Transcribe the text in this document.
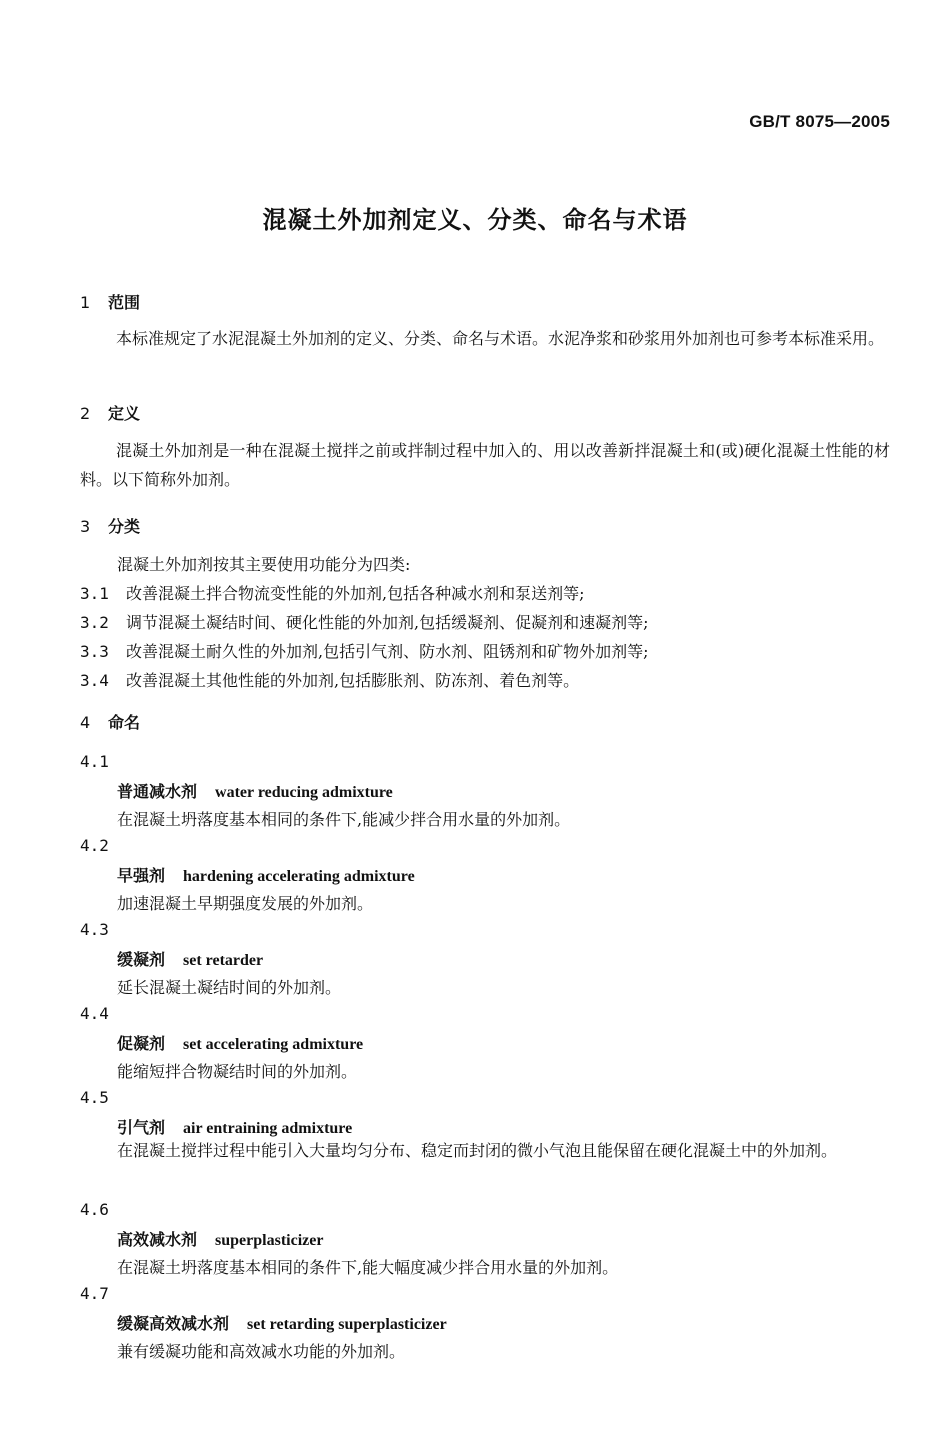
GB/T 8075—2005
混凝土外加剂定义、分类、命名与术语
1 范围
本标准规定了水泥混凝土外加剂的定义、分类、命名与术语。水泥净浆和砂浆用外加剂也可参考本标准采用。
2 定义
混凝土外加剂是一种在混凝土搅拌之前或拌制过程中加入的、用以改善新拌混凝土和(或)硬化混凝土性能的材料。以下简称外加剂。
3 分类
混凝土外加剂按其主要使用功能分为四类:
3.1 改善混凝土拌合物流变性能的外加剂,包括各种减水剂和泵送剂等;
3.2 调节混凝土凝结时间、硬化性能的外加剂,包括缓凝剂、促凝剂和速凝剂等;
3.3 改善混凝土耐久性的外加剂,包括引气剂、防水剂、阻锈剂和矿物外加剂等;
3.4 改善混凝土其他性能的外加剂,包括膨胀剂、防冻剂、着色剂等。
4 命名
4.1
普通减水剂 water reducing admixture
在混凝土坍落度基本相同的条件下,能减少拌合用水量的外加剂。
4.2
早强剂 hardening accelerating admixture
加速混凝土早期强度发展的外加剂。
4.3
缓凝剂 set retarder
延长混凝土凝结时间的外加剂。
4.4
促凝剂 set accelerating admixture
能缩短拌合物凝结时间的外加剂。
4.5
引气剂 air entraining admixture
在混凝土搅拌过程中能引入大量均匀分布、稳定而封闭的微小气泡且能保留在硬化混凝土中的外加剂。
4.6
高效减水剂 superplasticizer
在混凝土坍落度基本相同的条件下,能大幅度减少拌合用水量的外加剂。
4.7
缓凝高效减水剂 set retarding superplasticizer
兼有缓凝功能和高效减水功能的外加剂。
